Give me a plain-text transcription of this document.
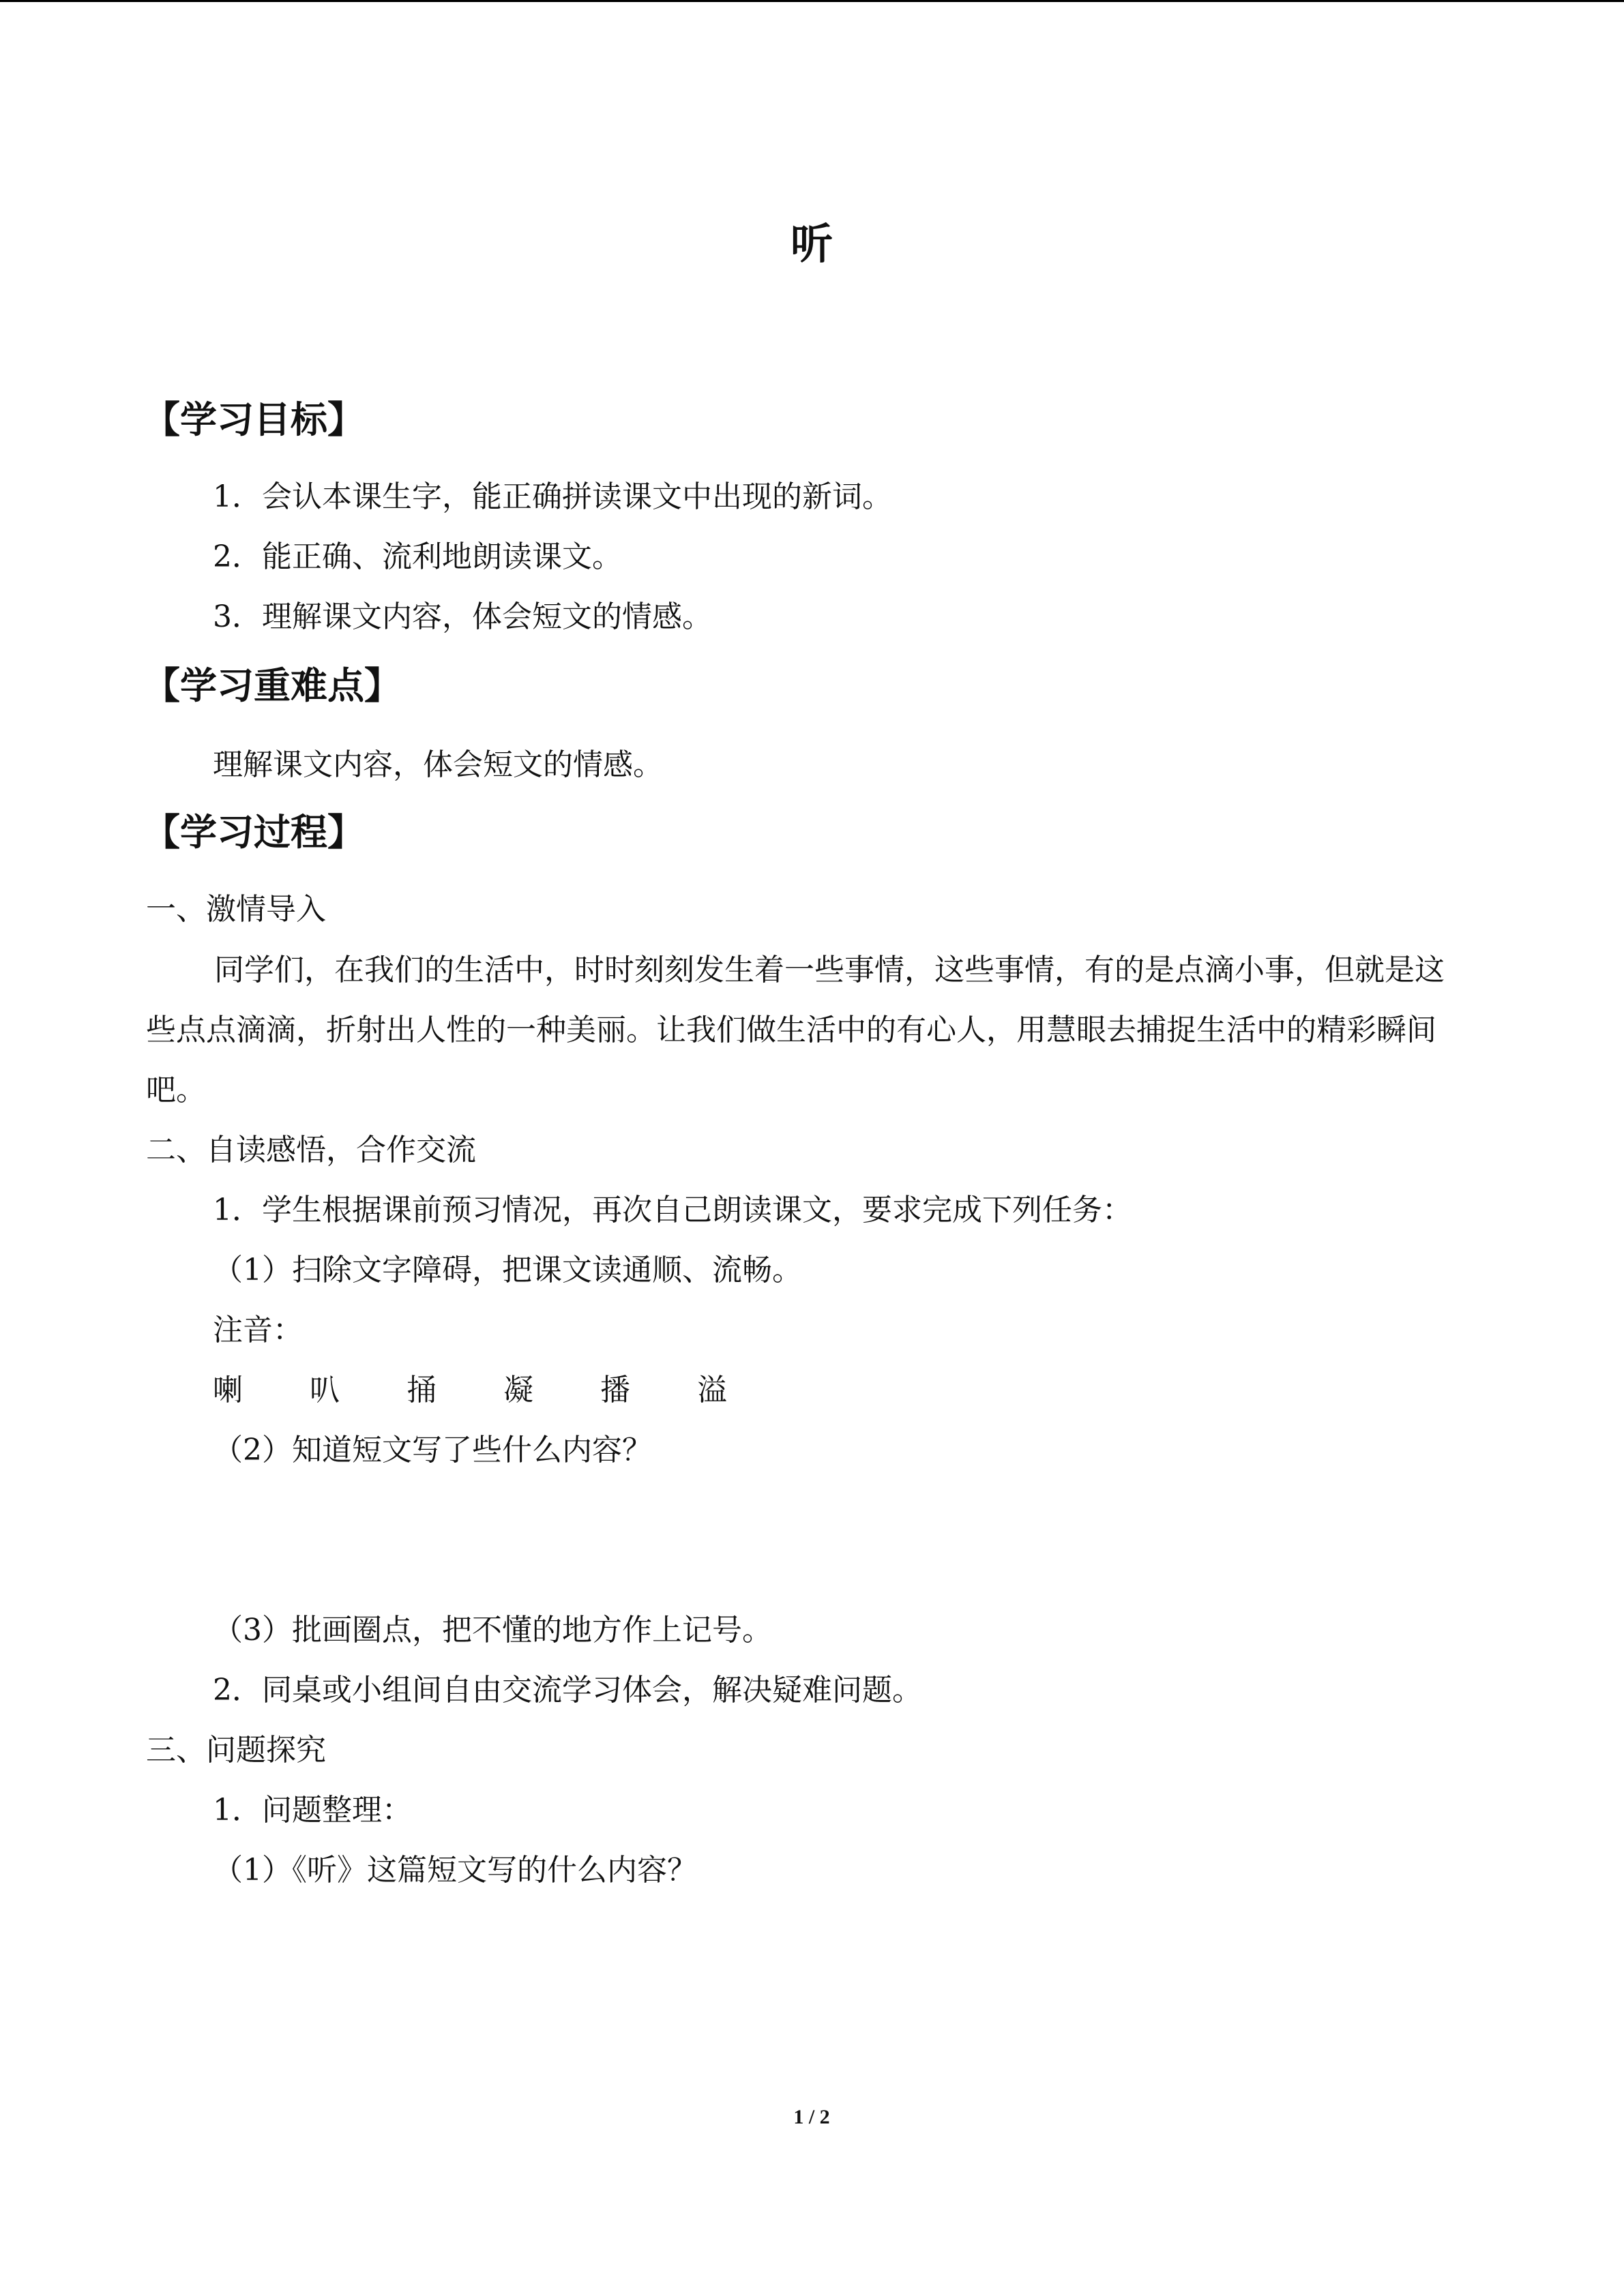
听
【学习目标】
1．会认本课生字，能正确拼读课文中出现的新词。
2．能正确、流利地朗读课文。
3．理解课文内容，体会短文的情感。
【学习重难点】
理解课文内容，体会短文的情感。
【学习过程】
一、激情导入
同学们，在我们的生活中，时时刻刻发生着一些事情，这些事情，有的是点滴小事，但就是这些点点滴滴，折射出人性的一种美丽。让我们做生活中的有心人，用慧眼去捕捉生活中的精彩瞬间吧。
二、自读感悟，合作交流
1．学生根据课前预习情况，再次自己朗读课文，要求完成下列任务：
（1）扫除文字障碍，把课文读通顺、流畅。
注音：
喇	叭	捅	凝	播	溢
（2）知道短文写了些什么内容？
（3）批画圈点，把不懂的地方作上记号。
2．同桌或小组间自由交流学习体会，解决疑难问题。
三、问题探究
1．问题整理：
（1）《听》这篇短文写的什么内容？
1 / 2
